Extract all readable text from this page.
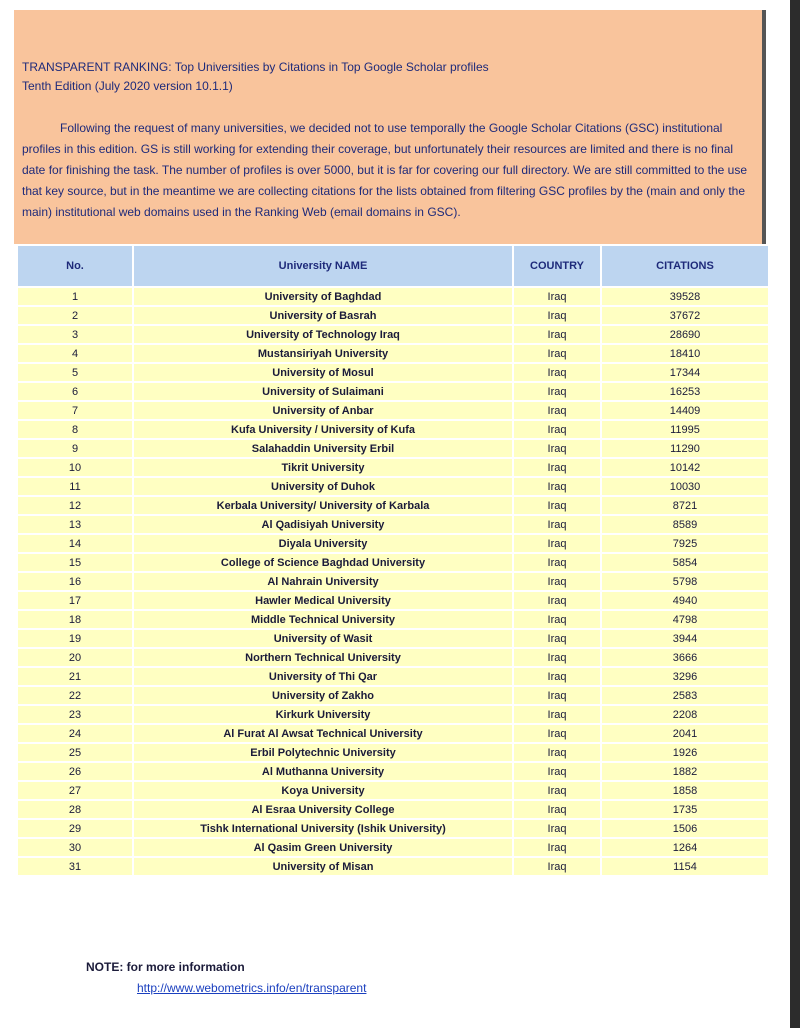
TRANSPARENT RANKING: Top Universities by Citations in Top Google Scholar profiles
Tenth Edition (July 2020 version 10.1.1)

Following the request of many universities, we decided not to use temporally the Google Scholar Citations (GSC) institutional profiles in this edition. GS is still working for extending their coverage, but unfortunately their resources are limited and there is no final date for finishing the task. The number of profiles is over 5000, but it is far for covering our full directory. We are still committed to the use that key source, but in the meantime we are collecting citations for the lists obtained from filtering GSC profiles by the (main and only the main) institutional web domains used in the Ranking Web (email domains in GSC).

No.	University NAME	COUNTRY	CITATIONS
1	University of Baghdad	Iraq	39528
2	University of Basrah	Iraq	37672
3	University of Technology Iraq	Iraq	28690
4	Mustansiriyah University	Iraq	18410
5	University of Mosul	Iraq	17344
6	University of Sulaimani	Iraq	16253
7	University of Anbar	Iraq	14409
8	Kufa University / University of Kufa	Iraq	11995
9	Salahaddin University Erbil	Iraq	11290
10	Tikrit University	Iraq	10142
11	University of Duhok	Iraq	10030
12	Kerbala University/ University of Karbala	Iraq	8721
13	Al Qadisiyah University	Iraq	8589
14	Diyala University	Iraq	7925
15	College of Science Baghdad University	Iraq	5854
16	Al Nahrain University	Iraq	5798
17	Hawler Medical University	Iraq	4940
18	Middle Technical University	Iraq	4798
19	University of Wasit	Iraq	3944
20	Northern Technical University	Iraq	3666
21	University of Thi Qar	Iraq	3296
22	University of Zakho	Iraq	2583
23	Kirkurk University	Iraq	2208
24	Al Furat Al Awsat Technical University	Iraq	2041
25	Erbil Polytechnic University	Iraq	1926
26	Al Muthanna University	Iraq	1882
27	Koya University	Iraq	1858
28	Al Esraa University College	Iraq	1735
29	Tishk International University (Ishik University)	Iraq	1506
30	Al Qasim Green University	Iraq	1264
31	University of Misan	Iraq	1154
NOTE: for more information
http://www.webometrics.info/en/transparent
